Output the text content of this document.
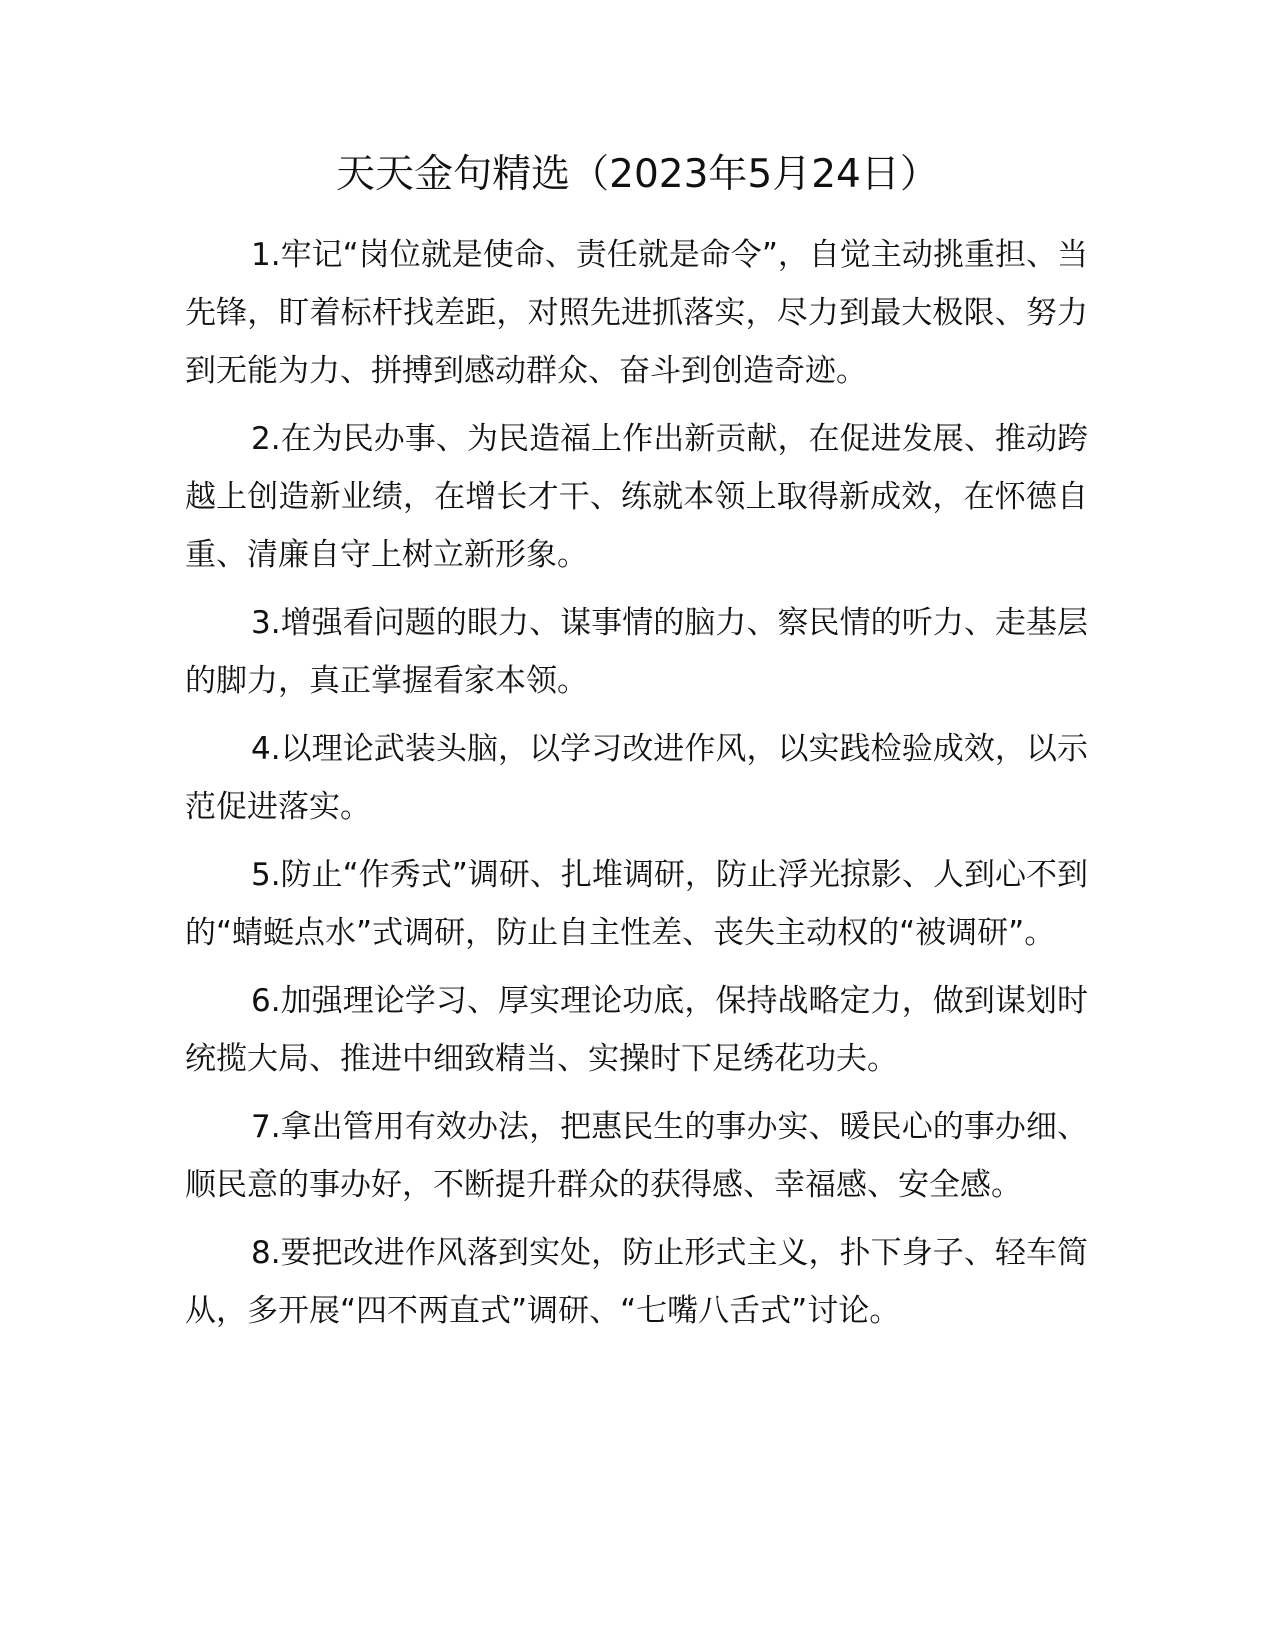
天天金句精选（2023年5月24日）

1.牢记“岗位就是使命、责任就是命令”，自觉主动挑重担、当先锋，盯着标杆找差距，对照先进抓落实，尽力到最大极限、努力到无能为力、拼搏到感动群众、奋斗到创造奇迹。

2.在为民办事、为民造福上作出新贡献，在促进发展、推动跨越上创造新业绩，在增长才干、练就本领上取得新成效，在怀德自重、清廉自守上树立新形象。

3.增强看问题的眼力、谋事情的脑力、察民情的听力、走基层的脚力，真正掌握看家本领。

4.以理论武装头脑，以学习改进作风，以实践检验成效，以示范促进落实。

5.防止“作秀式”调研、扎堆调研，防止浮光掠影、人到心不到的“蜻蜓点水”式调研，防止自主性差、丧失主动权的“被调研”。

6.加强理论学习、厚实理论功底，保持战略定力，做到谋划时统揽大局、推进中细致精当、实操时下足绣花功夫。

7.拿出管用有效办法，把惠民生的事办实、暖民心的事办细、顺民意的事办好，不断提升群众的获得感、幸福感、安全感。

8.要把改进作风落到实处，防止形式主义，扑下身子、轻车简从，多开展“四不两直式”调研、“七嘴八舌式”讨论。
